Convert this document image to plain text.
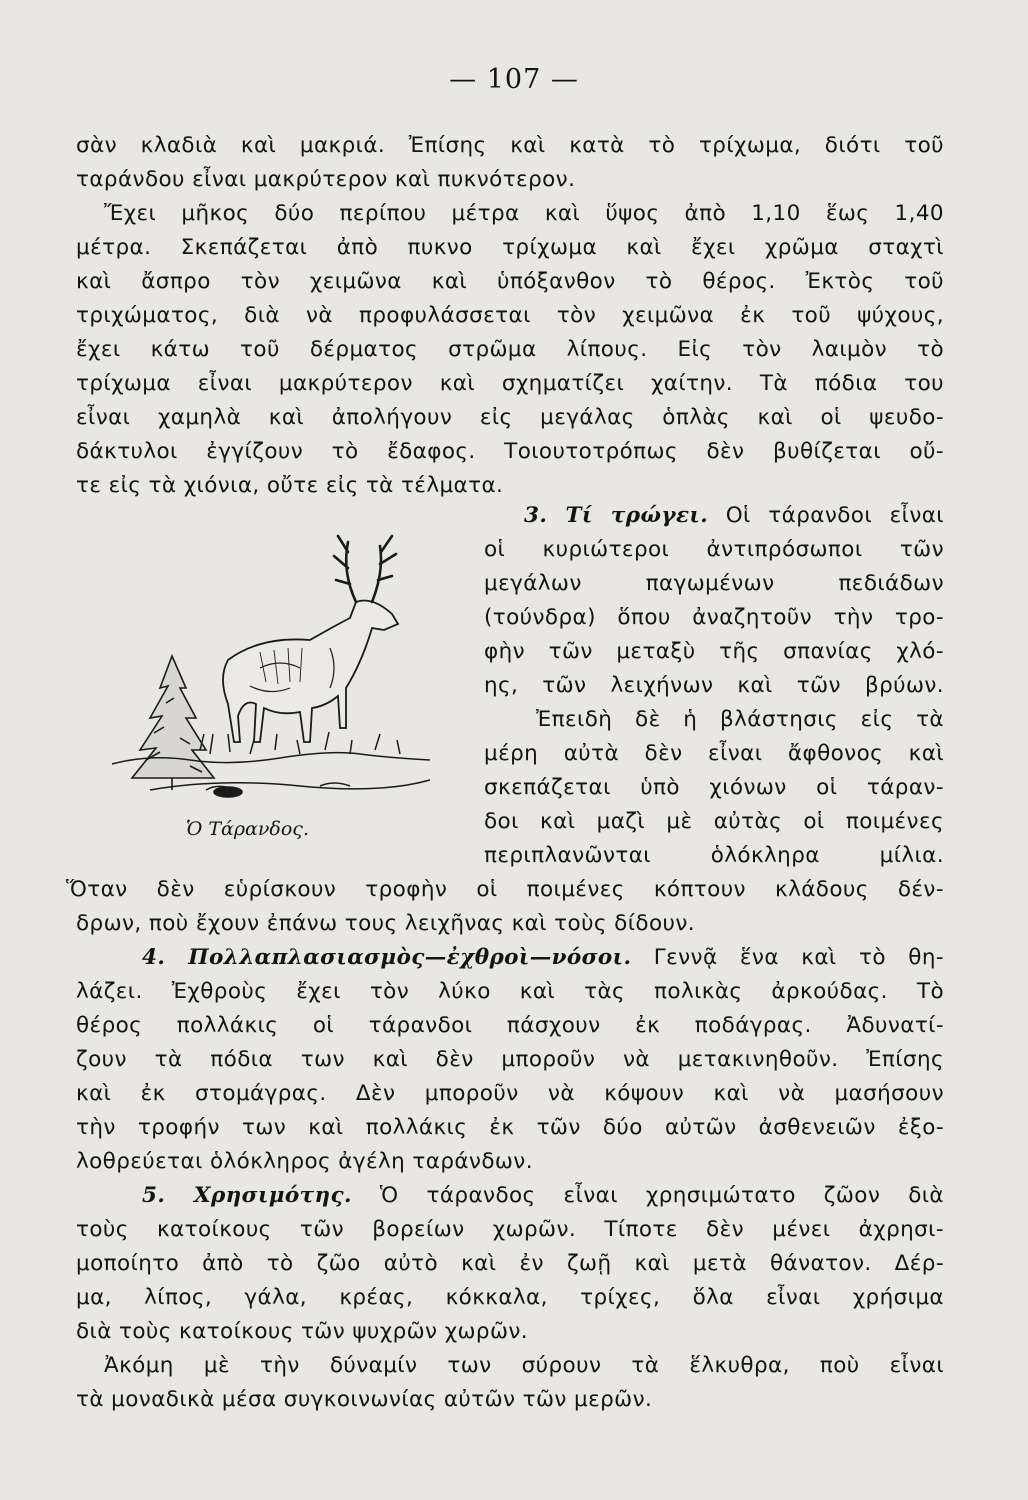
— 107 —
σὰν κλαδιὰ καὶ μακριά. Ἐπίσης καὶ κατὰ τὸ τρίχωμα, διότι τοῦ
ταράνδου εἶναι μακρύτερον καὶ πυκνότερον.
Ἔχει μῆκος δύο περίπου μέτρα καὶ ὕψος ἀπὸ 1,10 ἕως 1,40
μέτρα. Σκεπάζεται ἀπὸ πυκνο τρίχωμα καὶ ἔχει χρῶμα σταχτὶ
καὶ ἄσπρο τὸν χειμῶνα καὶ ὑπόξανθον τὸ θέρος. Ἐκτὸς τοῦ
τριχώματος, διὰ νὰ προφυλάσσεται τὸν χειμῶνα ἐκ τοῦ ψύχους,
ἔχει κάτω τοῦ δέρματος στρῶμα λίπους. Εἰς τὸν λαιμὸν τὸ
τρίχωμα εἶναι μακρύτερον καὶ σχηματίζει χαίτην. Τὰ πόδια του
εἶναι χαμηλὰ καὶ ἀπολήγουν εἰς μεγάλας ὁπλὰς καὶ οἱ ψευδο-
δάκτυλοι ἐγγίζουν τὸ ἔδαφος. Τοιουτοτρόπως δὲν βυθίζεται οὔ-
τε εἰς τὰ χιόνια, οὔτε εἰς τὰ τέλματα.
3. Τί τρώγει. Οἱ τάρανδοι εἶναι
οἱ κυριώτεροι ἀντιπρόσωποι τῶν
μεγάλων παγωμένων πεδιάδων
(τούνδρα) ὅπου ἀναζητοῦν τὴν τρο-
φὴν τῶν μεταξὺ τῆς σπανίας χλό-
ης, τῶν λειχήνων καὶ τῶν βρύων.
Ἐπειδὴ δὲ ἡ βλάστησις εἰς τὰ
μέρη αὐτὰ δὲν εἶναι ἄφθονος καὶ
σκεπάζεται ὑπὸ χιόνων οἱ τάραν-
δοι καὶ μαζὶ μὲ αὐτὰς οἱ ποιμένες
περιπλανῶνται ὁλόκληρα μίλια.
Ὁ Τάρανδος.
Ὅταν δὲν εὑρίσκουν τροφὴν οἱ ποιμένες κόπτουν κλάδους δέν-
δρων, ποὺ ἔχουν ἐπάνω τους λειχῆνας καὶ τοὺς δίδουν.
4. Πολλαπλασιασμὸς—ἐχθροὶ—νόσοι. Γεννᾷ ἕνα καὶ τὸ θη-
λάζει. Ἐχθροὺς ἔχει τὸν λύκο καὶ τὰς πολικὰς ἀρκούδας. Τὸ
θέρος πολλάκις οἱ τάρανδοι πάσχουν ἐκ ποδάγρας. Ἀδυνατί-
ζουν τὰ πόδια των καὶ δὲν μποροῦν νὰ μετακινηθοῦν. Ἐπίσης
καὶ ἐκ στομάγρας. Δὲν μποροῦν νὰ κόψουν καὶ νὰ μασήσουν
τὴν τροφήν των καὶ πολλάκις ἐκ τῶν δύο αὐτῶν ἀσθενειῶν ἐξο-
λοθρεύεται ὁλόκληρος ἀγέλη ταράνδων.
5. Χρησιμότης. Ὁ τάρανδος εἶναι χρησιμώτατο ζῶον διὰ
τοὺς κατοίκους τῶν βορείων χωρῶν. Τίποτε δὲν μένει ἀχρησι-
μοποίητο ἀπὸ τὸ ζῶο αὐτὸ καὶ ἐν ζωῇ καὶ μετὰ θάνατον. Δέρ-
μα, λίπος, γάλα, κρέας, κόκκαλα, τρίχες, ὅλα εἶναι χρήσιμα
διὰ τοὺς κατοίκους τῶν ψυχρῶν χωρῶν.
Ἀκόμη μὲ τὴν δύναμίν των σύρουν τὰ ἕλκυθρα, ποὺ εἶναι
τὰ μοναδικὰ μέσα συγκοινωνίας αὐτῶν τῶν μερῶν.
